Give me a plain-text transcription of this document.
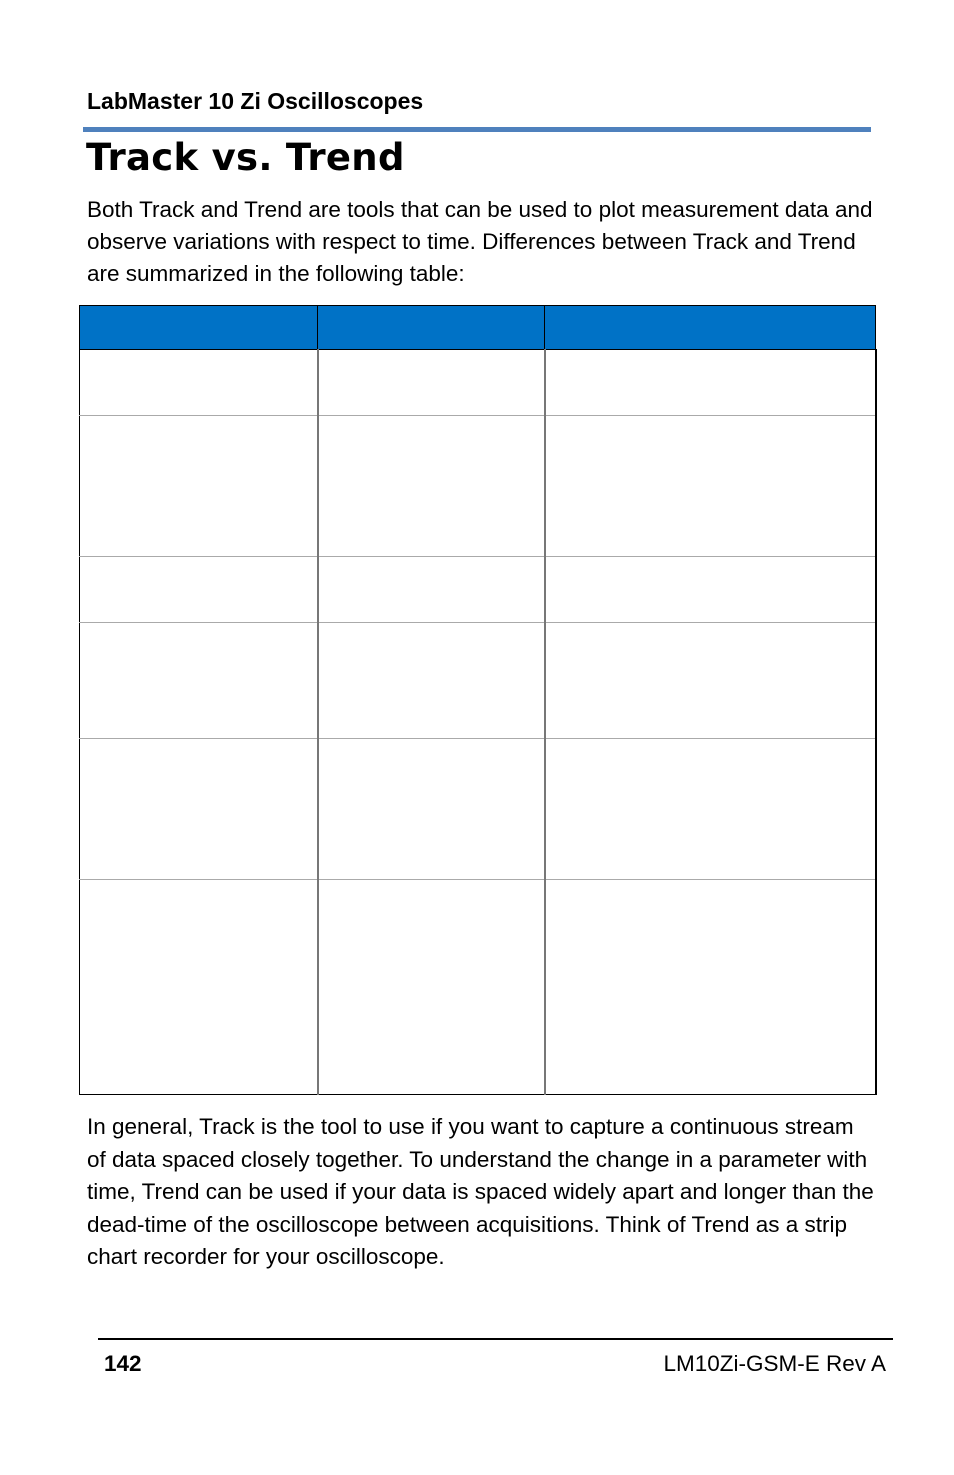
LabMaster 10 Zi Oscilloscopes
Track vs. Trend

Both Track and Trend are tools that can be used to plot measurement data and observe variations with respect to time. Differences between Track and Trend are summarized in the following table:

In general, Track is the tool to use if you want to capture a continuous stream of data spaced closely together. To understand the change in a parameter with time, Trend can be used if your data is spaced widely apart and longer than the dead-time of the oscilloscope between acquisitions. Think of Trend as a strip chart recorder for your oscilloscope.

142	LM10Zi-GSM-E Rev A
